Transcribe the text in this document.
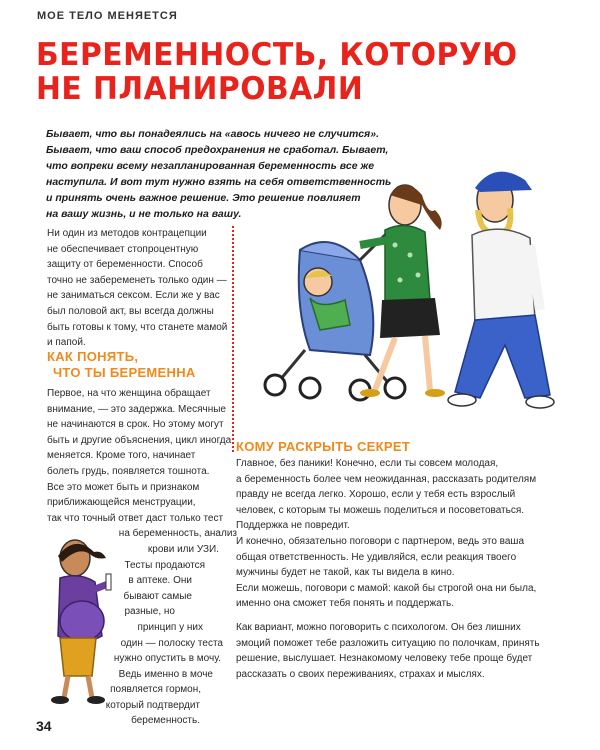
МОЕ ТЕЛО МЕНЯЕТСЯ
БЕРЕМЕННОСТЬ, КОТОРУЮ
НЕ ПЛАНИРОВАЛИ
Бывает, что вы понадеялись на «авось ничего не случится».
Бывает, что ваш способ предохранения не сработал. Бывает,
что вопреки всему незапланированная беременность все же
наступила. И вот тут нужно взять на себя ответственность
и принять очень важное решение. Это решение повлияет
на вашу жизнь, и не только на вашу.
Ни один из методов контрацепции
не обеспечивает стопроцентную
защиту от беременности. Способ
точно не забеременеть только один —
не заниматься сексом. Если же у вас
был половой акт, вы всегда должны
быть готовы к тому, что станете мамой
и папой.
КАК ПОНЯТЬ,
ЧТО ТЫ БЕРЕМЕННА
Первое, на что женщина обращает
внимание, — это задержка. Месячные
не начинаются в срок. Но этому могут
быть и другие объяснения, цикл иногда
меняется. Кроме того, начинает
болеть грудь, появляется тошнота.
Все это может быть и признаком
приближающейся менструации,
так что точный ответ даст только тест
на беременность, анализ
крови или УЗИ.
Тесты продаются
в аптеке. Они
бывают самые
разные, но
принцип у них
один — полоску теста
нужно опустить в мочу.
Ведь именно в моче
появляется гормон,
который подтвердит
беременность.
КОМУ РАСКРЫТЬ СЕКРЕТ
Главное, без паники! Конечно, если ты совсем молодая,
а беременность более чем неожиданная, рассказать родителям
правду не всегда легко. Хорошо, если у тебя есть взрослый
человек, с которым ты можешь поделиться и посоветоваться.
Поддержка не повредит.
И конечно, обязательно поговори с партнером, ведь это ваша
общая ответственность. Не удивляйся, если реакция твоего
мужчины будет не такой, как ты видела в кино.
Если можешь, поговори с мамой: какой бы строгой она ни была,
именно она сможет тебя понять и поддержать.
Как вариант, можно поговорить с психологом. Он без лишних
эмоций поможет тебе разложить ситуацию по полочкам, принять
решение, выслушает. Незнакомому человеку тебе проще будет
рассказать о своих переживаниях, страхах и мыслях.
34
